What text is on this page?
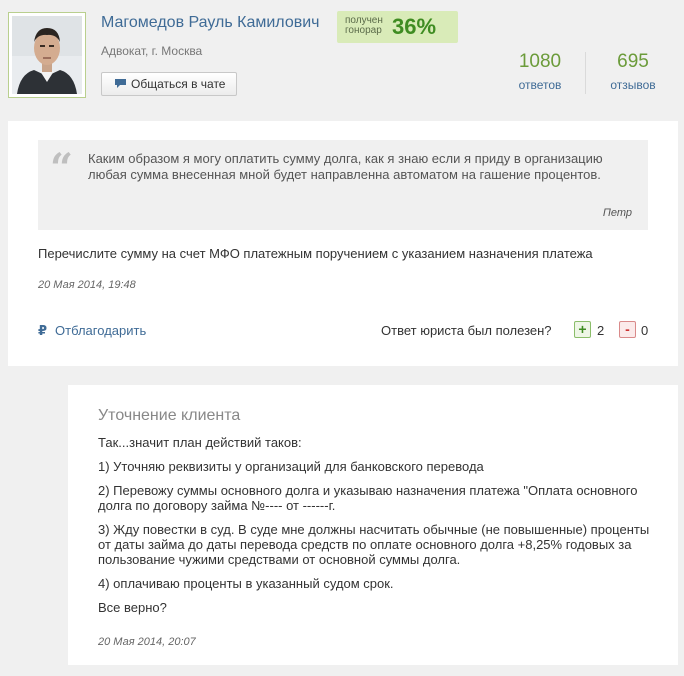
Магомедов Рауль Камилович	получен гонорар 36%
Адвокат, г. Москва
Общаться в чате
1080
ответов
695
отзывов
“ Каким образом я могу оплатить сумму долга, как я знаю если я приду в организацию любая сумма внесенная мной будет направленна автоматом на гашение процентов.
Петр
Перечислите сумму на счет МФО платежным поручением с указанием назначения платежа
20 Мая 2014, 19:48
₽ Отблагодарить	Ответ юриста был полезен?	+ 2	- 0
Уточнение клиента

Так...значит план действий таков:

1) Уточняю реквизиты у организаций для банковского перевода

2) Перевожу суммы основного долга и указываю назначения платежа "Оплата основного долга по договору займа №---- от ------г.

3) Жду повестки в суд. В суде мне должны насчитать обычные (не повышенные) проценты от даты займа до даты перевода средств по оплате основного долга +8,25% годовых за пользование чужими средствами от основной суммы долга.

4) оплачиваю проценты в указанный судом срок.

Все верно?

20 Мая 2014, 20:07
